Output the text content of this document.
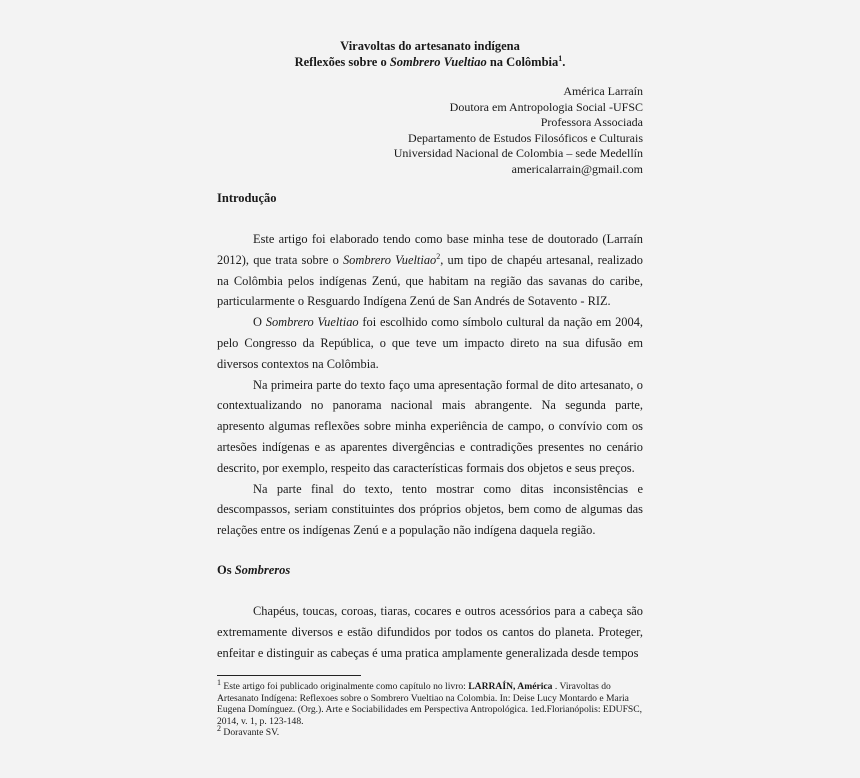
Viravoltas do artesanato indígena
Reflexões sobre o Sombrero Vueltiao na Colômbia$^1$.
América Larraín
Doutora em Antropologia Social -UFSC
Professora Associada
Departamento de Estudos Filosóficos e Culturais
Universidad Nacional de Colombia – sede Medellín
americalarrain@gmail.com
Introdução

Este artigo foi elaborado tendo como base minha tese de doutorado (Larraín 2012), que trata sobre o Sombrero Vueltiao$^2$, um tipo de chapéu artesanal, realizado na Colômbia pelos indígenas Zenú, que habitam na região das savanas do caribe, particularmente o Resguardo Indígena Zenú de San Andrés de Sotavento - RIZ.

O Sombrero Vueltiao foi escolhido como símbolo cultural da nação em 2004, pelo Congresso da República, o que teve um impacto direto na sua difusão em diversos contextos na Colômbia.

Na primeira parte do texto faço uma apresentação formal de dito artesanato, o contextualizando no panorama nacional mais abrangente. Na segunda parte, apresento algumas reflexões sobre minha experiência de campo, o convívio com os artesões indígenas e as aparentes divergências e contradições presentes no cenário descrito, por exemplo, respeito das características formais dos objetos e seus preços.

Na parte final do texto, tento mostrar como ditas inconsistências e descompassos, seriam constituintes dos próprios objetos, bem como de algumas das relações entre os indígenas Zenú e a população não indígena daquela região.

Os Sombreros

Chapéus, toucas, coroas, tiaras, cocares e outros acessórios para a cabeça são extremamente diversos e estão difundidos por todos os cantos do planeta. Proteger, enfeitar e distinguir as cabeças é uma pratica amplamente generalizada desde tempos

$^1$ Este artigo foi publicado originalmente como capítulo no livro: LARRAÍN, América . Viravoltas do Artesanato Indígena: Reflexoes sobre o Sombrero Vueltiao na Colombia. In: Deise Lucy Montardo e Maria Eugena Domínguez. (Org.). Arte e Sociabilidades em Perspectiva Antropológica. 1ed.Florianópolis: EDUFSC, 2014, v. 1, p. 123-148.
$^2$ Doravante SV.
